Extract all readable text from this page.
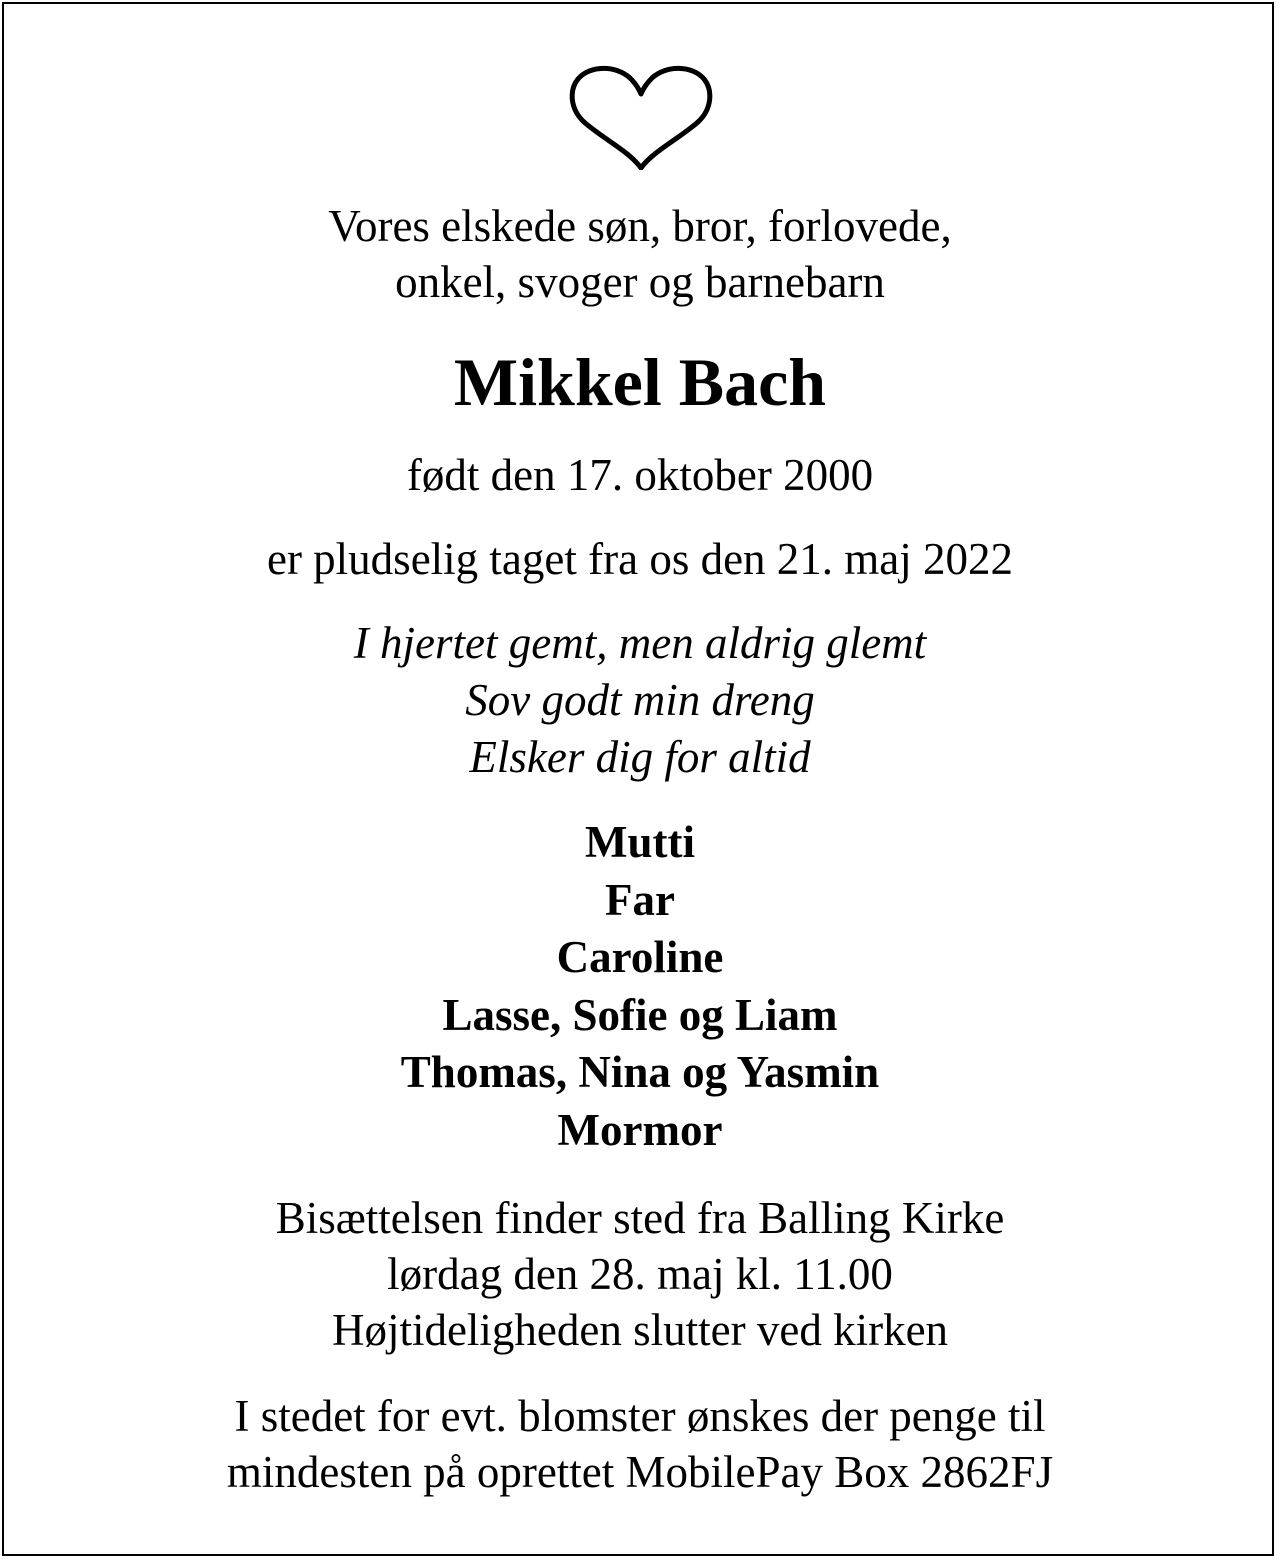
Vores elskede søn, bror, forlovede,
onkel, svoger og barnebarn
Mikkel Bach
født den 17. oktober 2000
er pludselig taget fra os den 21. maj 2022
I hjertet gemt, men aldrig glemt
Sov godt min dreng
Elsker dig for altid
Mutti
Far
Caroline
Lasse, Sofie og Liam
Thomas, Nina og Yasmin
Mormor
Bisættelsen finder sted fra Balling Kirke
lørdag den 28. maj kl. 11.00
Højtideligheden slutter ved kirken
I stedet for evt. blomster ønskes der penge til
mindesten på oprettet MobilePay Box 2862FJ
